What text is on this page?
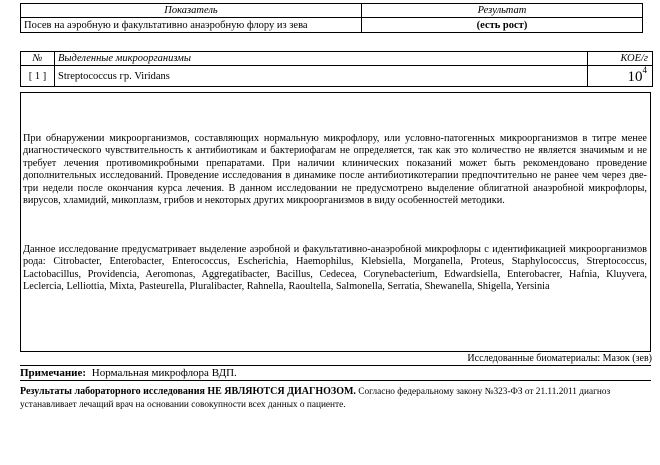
Показатель	Результат
Посев на аэробную и факультативно анаэробную флору из зева	(есть рост)
№	Выделенные микроорганизмы	КОЕ/г
[ 1 ]	Streptococcus гр. Viridans	$10^4$

При обнаружении микроорганизмов, составляющих нормальную микрофлору, или условно-патогенных микроорганизмов в титре менее диагностического чувствительность к антибиотикам и бактериофагам не определяется, так как это количество не является значимым и не требует лечения противомикробными препаратами. При наличии клинических показаний может быть рекомендовано проведение дополнительных исследований. Проведение исследования в динамике после антибиотикотерапии предпочтительно не ранее чем через две-три недели после окончания курса лечения. В данном исследовании не предусмотрено выделение облигатной анаэробной микрофлоры, вирусов, хламидий, микоплазм, грибов и некоторых других микроорганизмов в виду особенностей методики.

Данное исследование предусматривает выделение аэробной и факультативно-анаэробной микрофлоры с идентификацией микроорганизмов рода: Citrobacter, Enterobacter, Enterococcus, Escherichia, Haemophilus, Klebsiella, Morganella, Proteus, Staphylococcus, Streptococcus, Lactobacillus, Providencia, Aeromonas, Aggregatibacter, Bacillus, Cedecea, Corynebacterium, Edwardsiella, Enterobacrer, Hafnia, Kluyvera, Leclercia, Lelliottia, Mixta, Pasteurella, Pluralibacter, Rahnella, Raoultella, Salmonella, Serratia, Shewanella, Shigella, Yersinia

Исследованные биоматериалы: Мазок (зев)
Примечание: Нормальная микрофлора ВДП.
Результаты лабораторного исследования НЕ ЯВЛЯЮТСЯ ДИАГНОЗОМ. Согласно федеральному закону №323-ФЗ от 21.11.2011 диагноз устанавливает лечащий врач на основании совокупности всех данных о пациенте.
